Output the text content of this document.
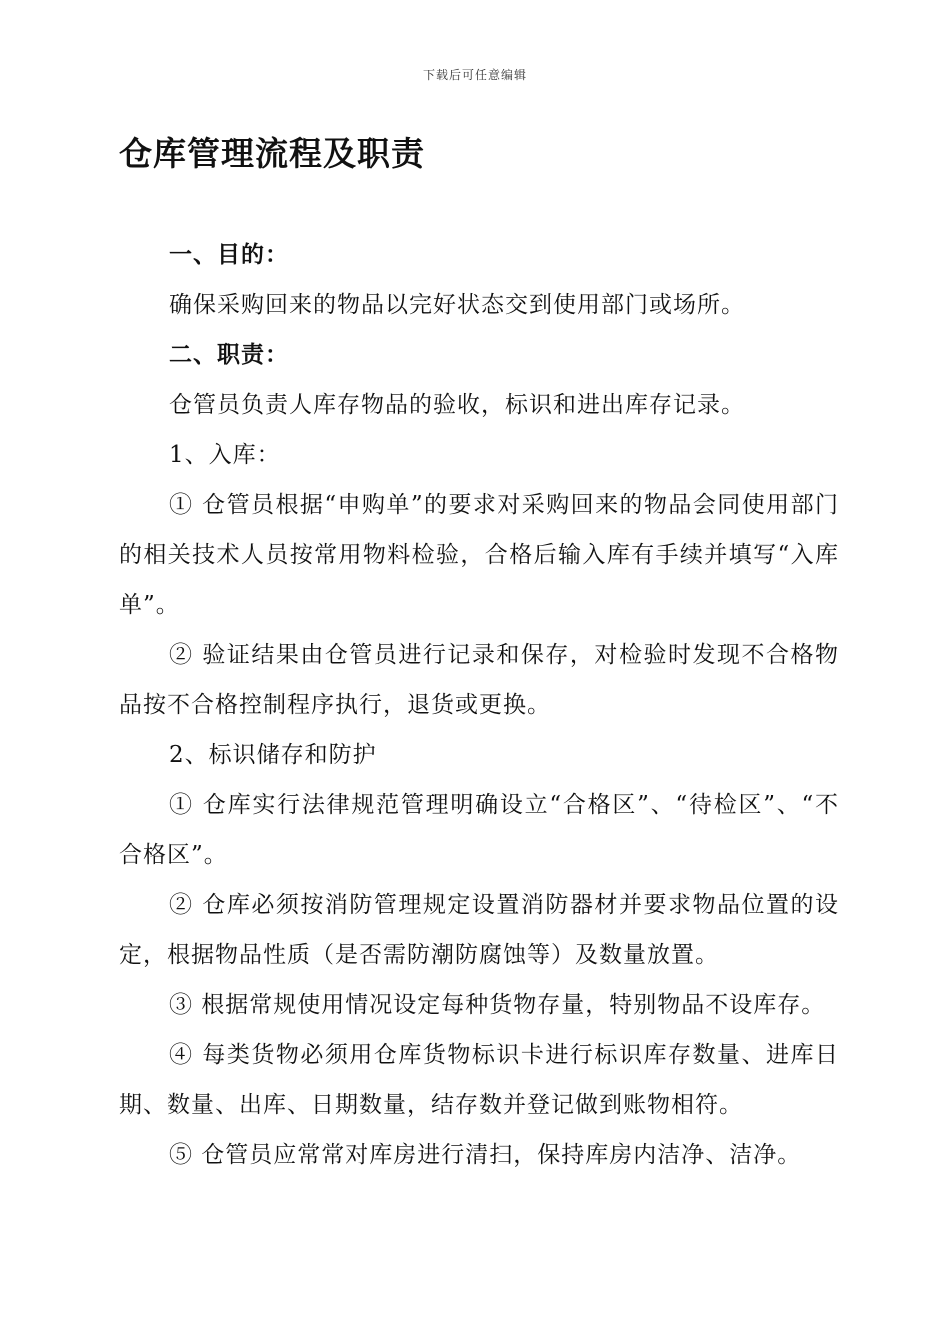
下载后可任意编辑
仓库管理流程及职责

一、目的：

确保采购回来的物品以完好状态交到使用部门或场所。

二、职责：

仓管员负责人库存物品的验收，标识和进出库存记录。

1、入库：

① 仓管员根据“申购单”的要求对采购回来的物品会同使用部门的相关技术人员按常用物料检验，合格后输入库有手续并填写“入库单”。

② 验证结果由仓管员进行记录和保存，对检验时发现不合格物品按不合格控制程序执行，退货或更换。

2、标识储存和防护

① 仓库实行法律规范管理明确设立“合格区”、“待检区”、“不合格区”。

② 仓库必须按消防管理规定设置消防器材并要求物品位置的设定，根据物品性质（是否需防潮防腐蚀等）及数量放置。

③ 根据常规使用情况设定每种货物存量，特别物品不设库存。

④ 每类货物必须用仓库货物标识卡进行标识库存数量、进库日期、数量、出库、日期数量，结存数并登记做到账物相符。

⑤ 仓管员应常常对库房进行清扫，保持库房内洁净、洁净。
